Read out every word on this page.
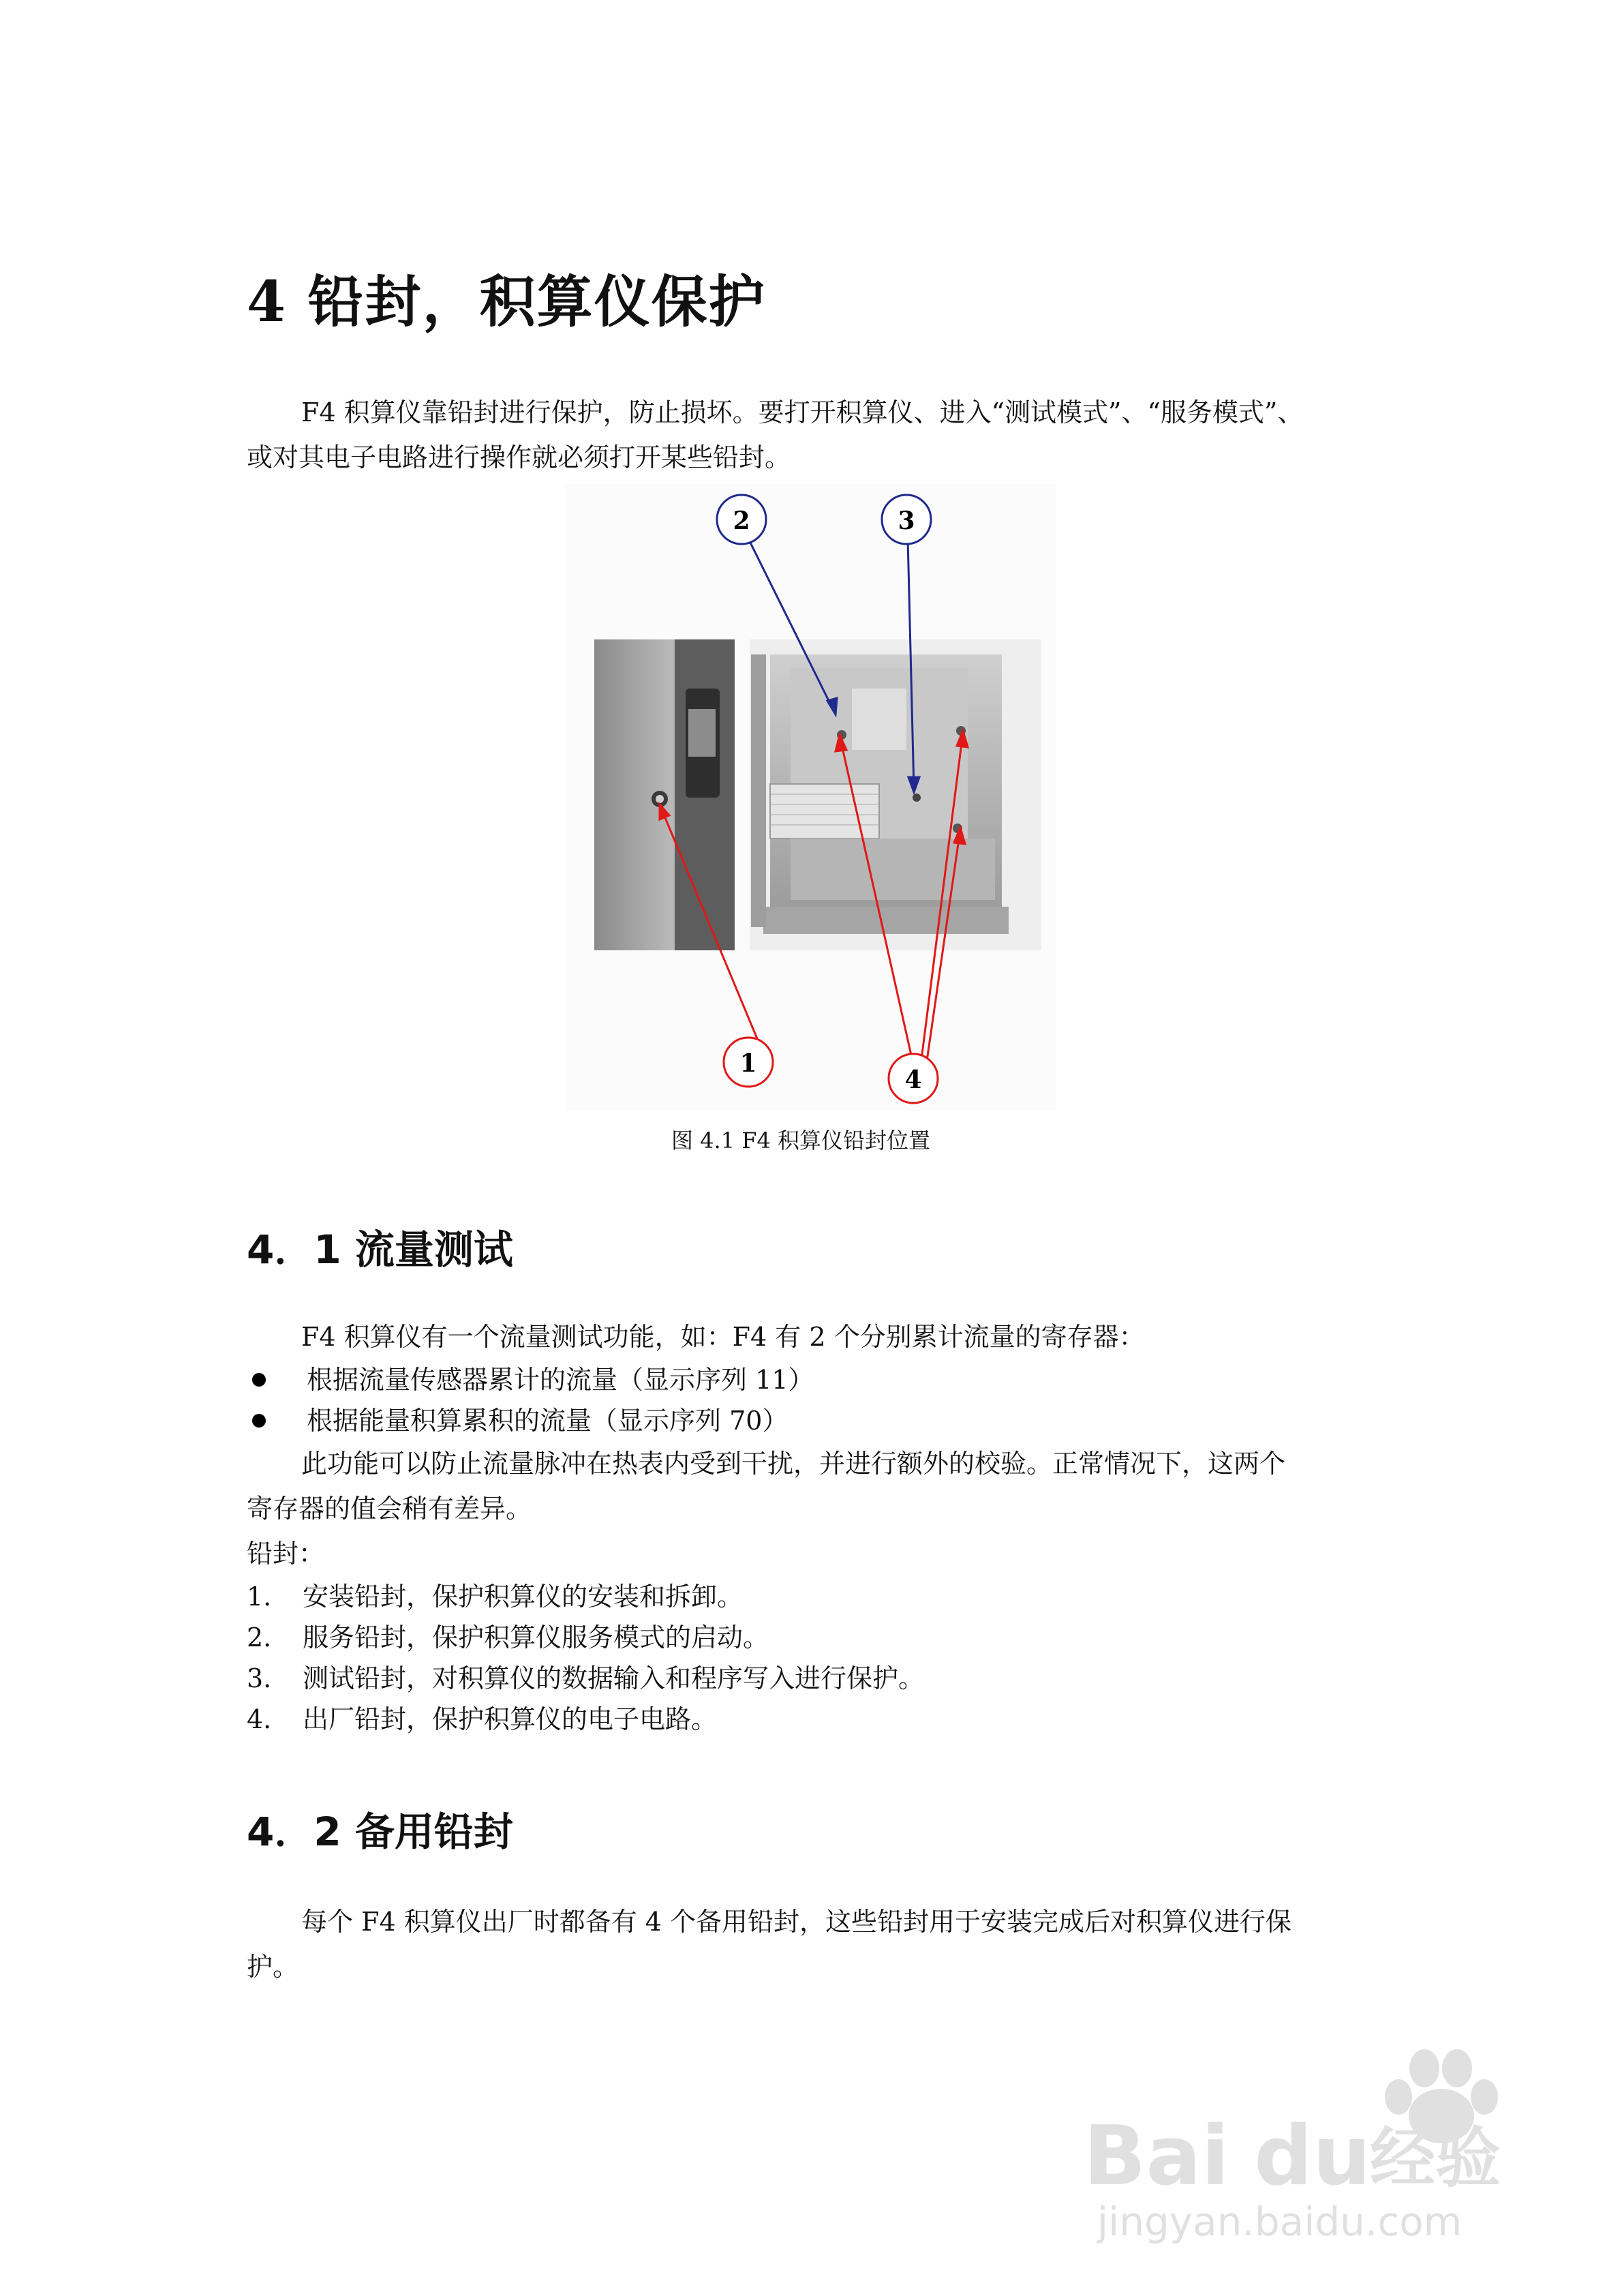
4 铅封，积算仪保护

F4 积算仪靠铅封进行保护，防止损坏。要打开积算仪、进入“测试模式”、“服务模式”、

或对其电子电路进行操作就必须打开某些铅封。

2	3
1
4
图 4.1 F4 积算仪铅封位置
4．1 流量测试

F4 积算仪有一个流量测试功能，如：F4 有 2 个分别累计流量的寄存器：

根据流量传感器累计的流量（显示序列 11）
根据能量积算累积的流量（显示序列 70）

此功能可以防止流量脉冲在热表内受到干扰，并进行额外的校验。正常情况下，这两个

寄存器的值会稍有差异。

铅封：

1.	安装铅封，保护积算仪的安装和拆卸。
2.	服务铅封，保护积算仪服务模式的启动。
3.	测试铅封，对积算仪的数据输入和程序写入进行保护。
4.	出厂铅封，保护积算仪的电子电路。
4．2 备用铅封

每个 F4 积算仪出厂时都备有 4 个备用铅封，这些铅封用于安装完成后对积算仪进行保

护。

Bai du
经验
jingyan.baidu.com
